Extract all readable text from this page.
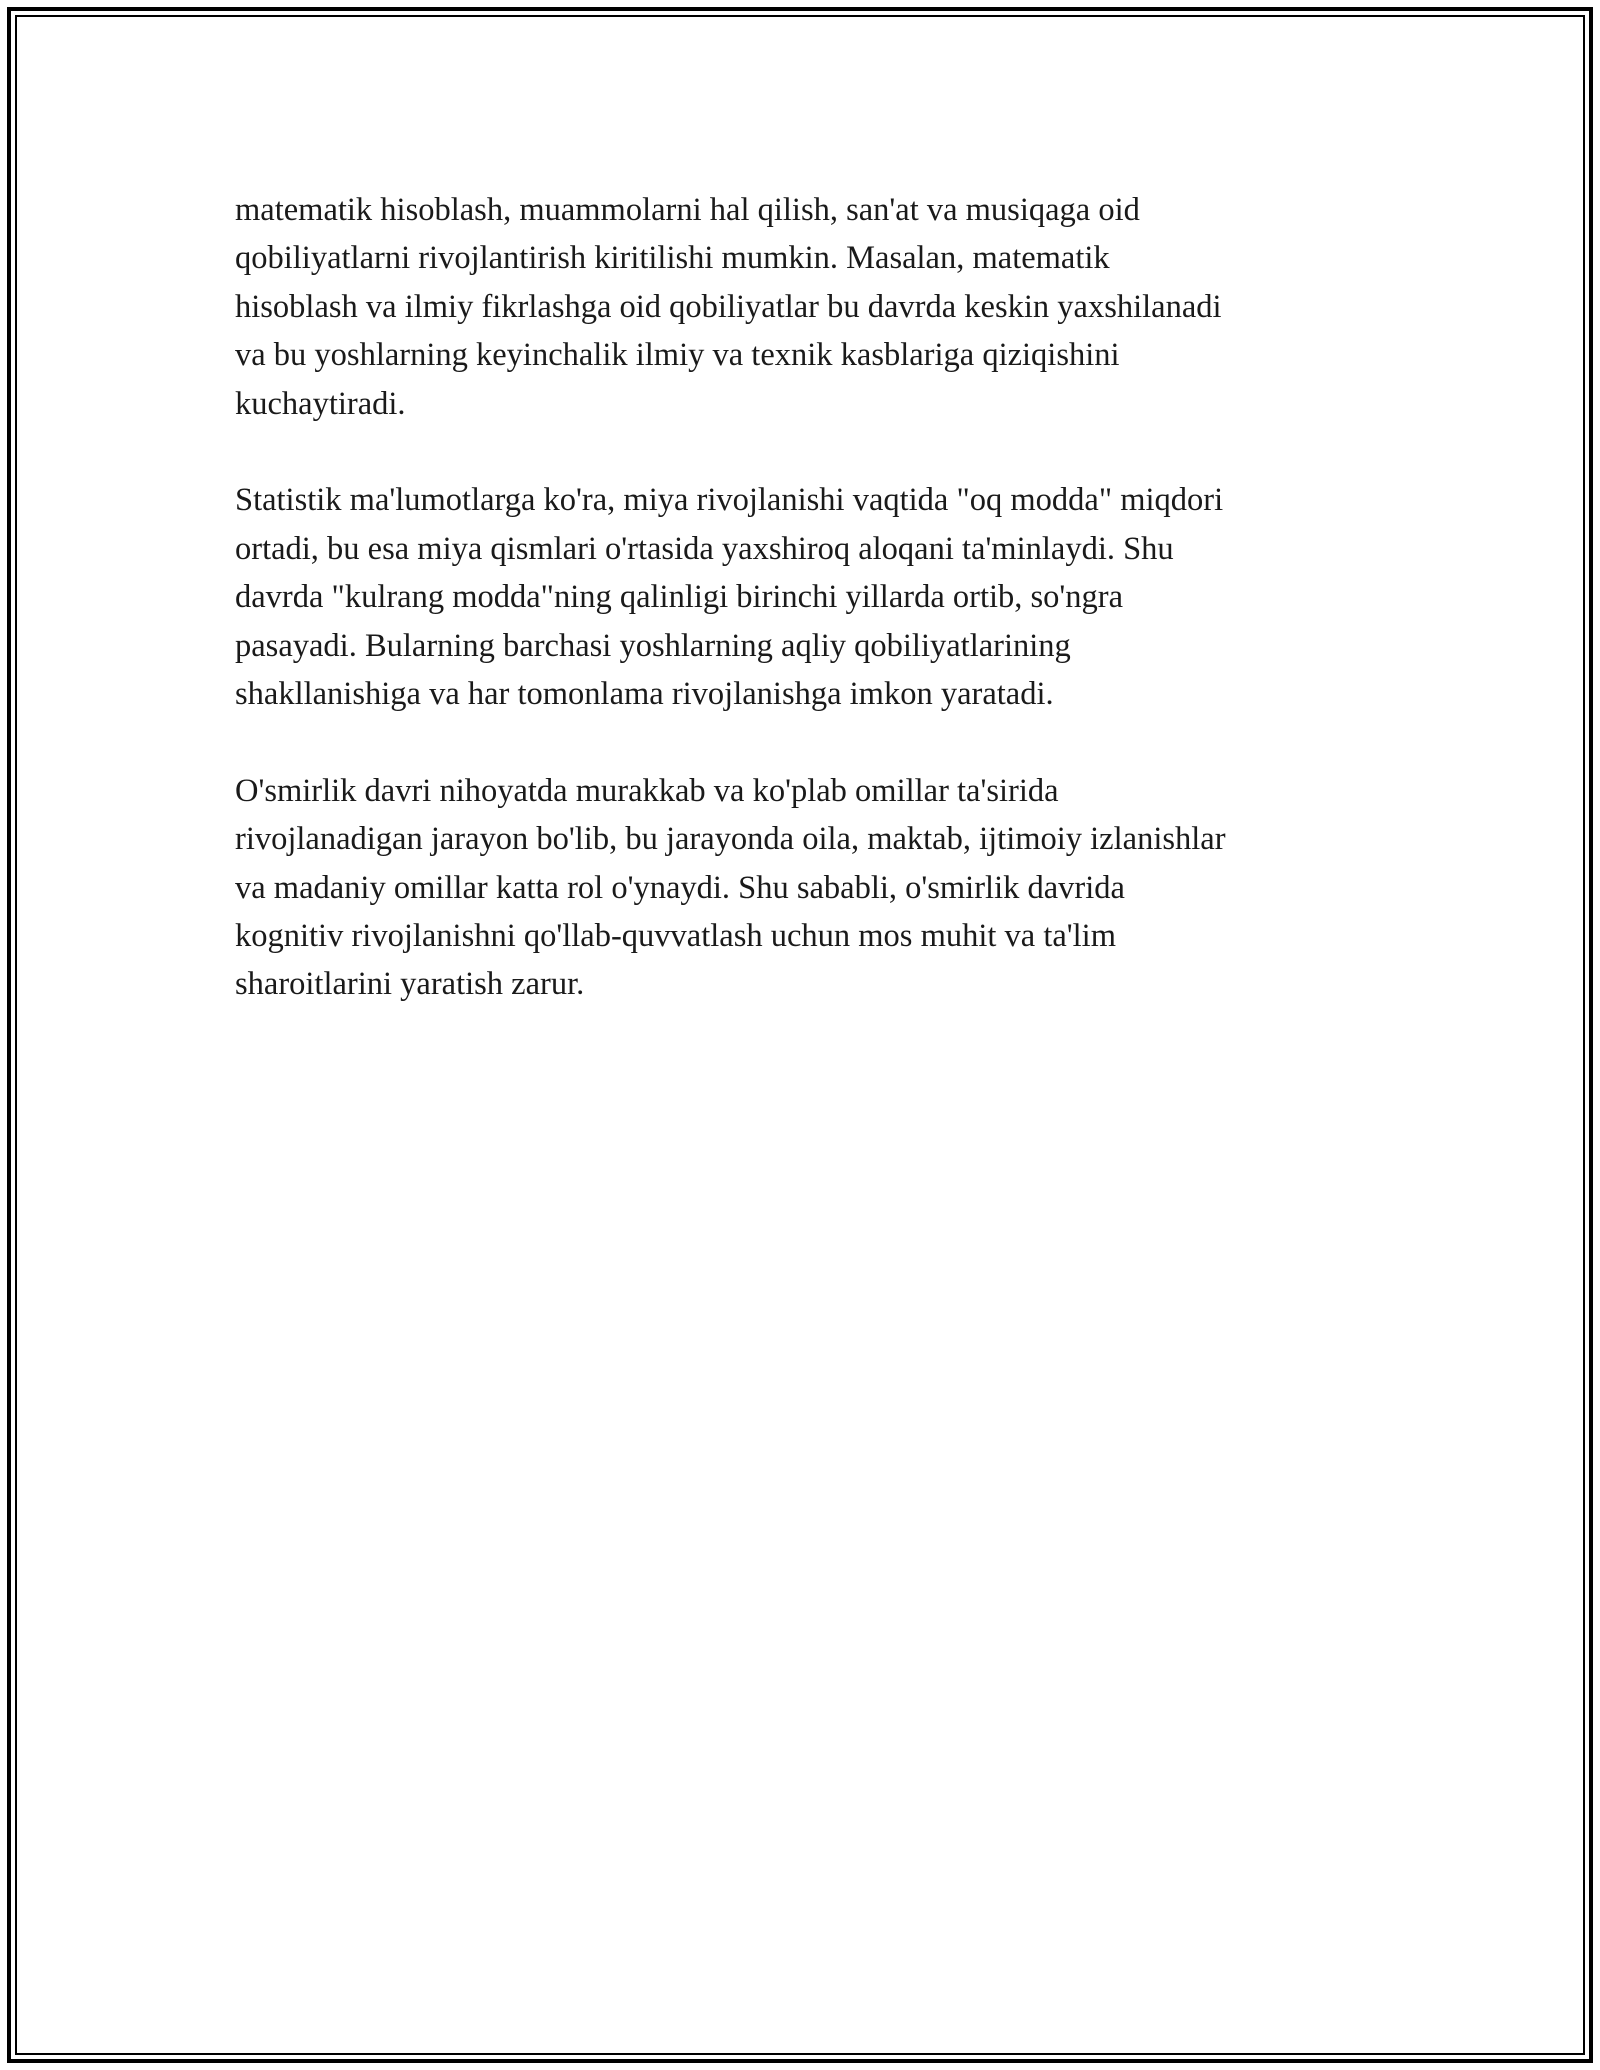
matematik hisoblash, muammolarni hal qilish, san'at va musiqaga oid
qobiliyatlarni rivojlantirish kiritilishi mumkin. Masalan, matematik
hisoblash va ilmiy fikrlashga oid qobiliyatlar bu davrda keskin yaxshilanadi
va bu yoshlarning keyinchalik ilmiy va texnik kasblariga qiziqishini
kuchaytiradi.

Statistik ma'lumotlarga ko'ra, miya rivojlanishi vaqtida "oq modda" miqdori
ortadi, bu esa miya qismlari o'rtasida yaxshiroq aloqani ta'minlaydi. Shu
davrda "kulrang modda"ning qalinligi birinchi yillarda ortib, so'ngra
pasayadi. Bularning barchasi yoshlarning aqliy qobiliyatlarining
shakllanishiga va har tomonlama rivojlanishga imkon yaratadi.

O'smirlik davri nihoyatda murakkab va ko'plab omillar ta'sirida
rivojlanadigan jarayon bo'lib, bu jarayonda oila, maktab, ijtimoiy izlanishlar
va madaniy omillar katta rol o'ynaydi. Shu sababli, o'smirlik davrida
kognitiv rivojlanishni qo'llab-quvvatlash uchun mos muhit va ta'lim
sharoitlarini yaratish zarur.
